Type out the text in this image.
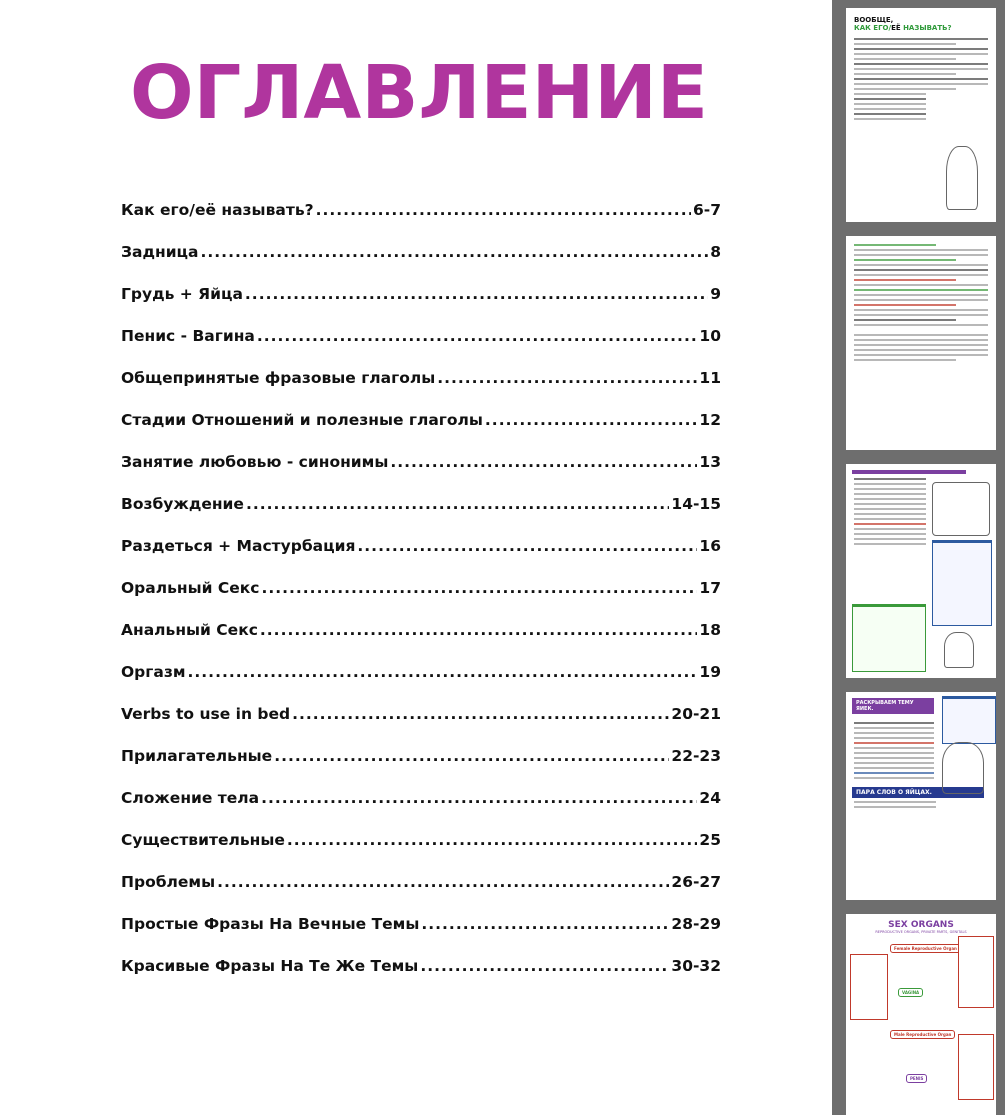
ОГЛАВЛЕНИЕ
Как его/её называть? .....	6-7
Задница .....	8
Грудь + Яйца .....	9
Пенис - Вагина .....	10
Общепринятые фразовые глаголы .....	11
Стадии Отношений и полезные глаголы .....	12
Занятие любовью - синонимы .....	13
Возбуждение .....	14-15
Раздеться + Мастурбация .....	16
Оральный Секс .....	17
Анальный Секс .....	18
Оргазм .....	19
Verbs to use in bed .....	20-21
Прилагательные .....	22-23
Сложение тела .....	24
Существительные .....	25
Проблемы .....	26-27
Простые Фразы На Вечные Темы .....	28-29
Красивые Фразы На Те Же Темы .....	30-32
ВООБЩЕ,
КАК ЕГО/ЕЁ НАЗЫВАТЬ?
РАСКРЫВАЕМ ТЕМУ ЯИЕК.
ПАРА СЛОВ О ЯЙЦАХ.
SEX ORGANS
REPRODUCTIVE ORGANS, PRIVATE PARTS, GENITALS
Female Reproductive Organ
VAGINA
Male Reproductive Organ
PENIS
